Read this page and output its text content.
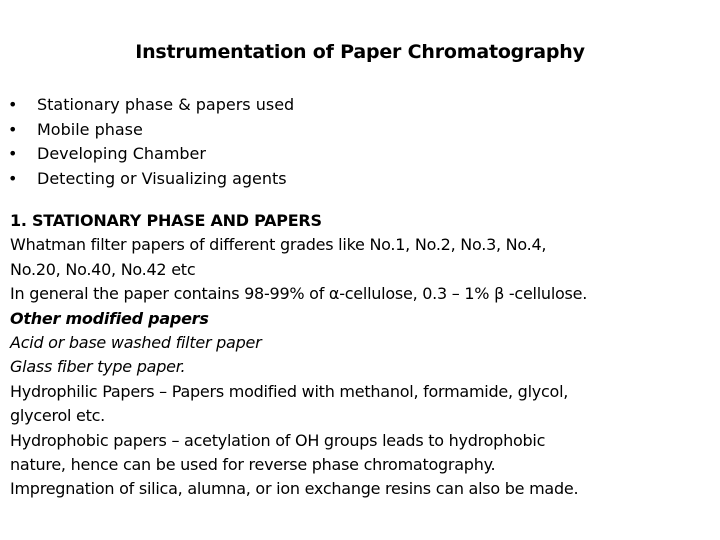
Instrumentation of Paper Chromatography
• Stationary phase & papers used
• Mobile phase
• Developing Chamber
• Detecting or Visualizing agents
1. STATIONARY PHASE AND PAPERS
Whatman filter papers of different grades like No.1, No.2, No.3, No.4,
No.20, No.40, No.42 etc
In general the paper contains 98-99% of α-cellulose, 0.3 – 1% β -cellulose.
Other modified papers
Acid or base washed filter paper
Glass fiber type paper.
Hydrophilic Papers – Papers modified with methanol, formamide, glycol,
glycerol etc.
Hydrophobic papers – acetylation of OH groups leads to hydrophobic
nature, hence can be used for reverse phase chromatography.
Impregnation of silica, alumna, or ion exchange resins can also be made.
